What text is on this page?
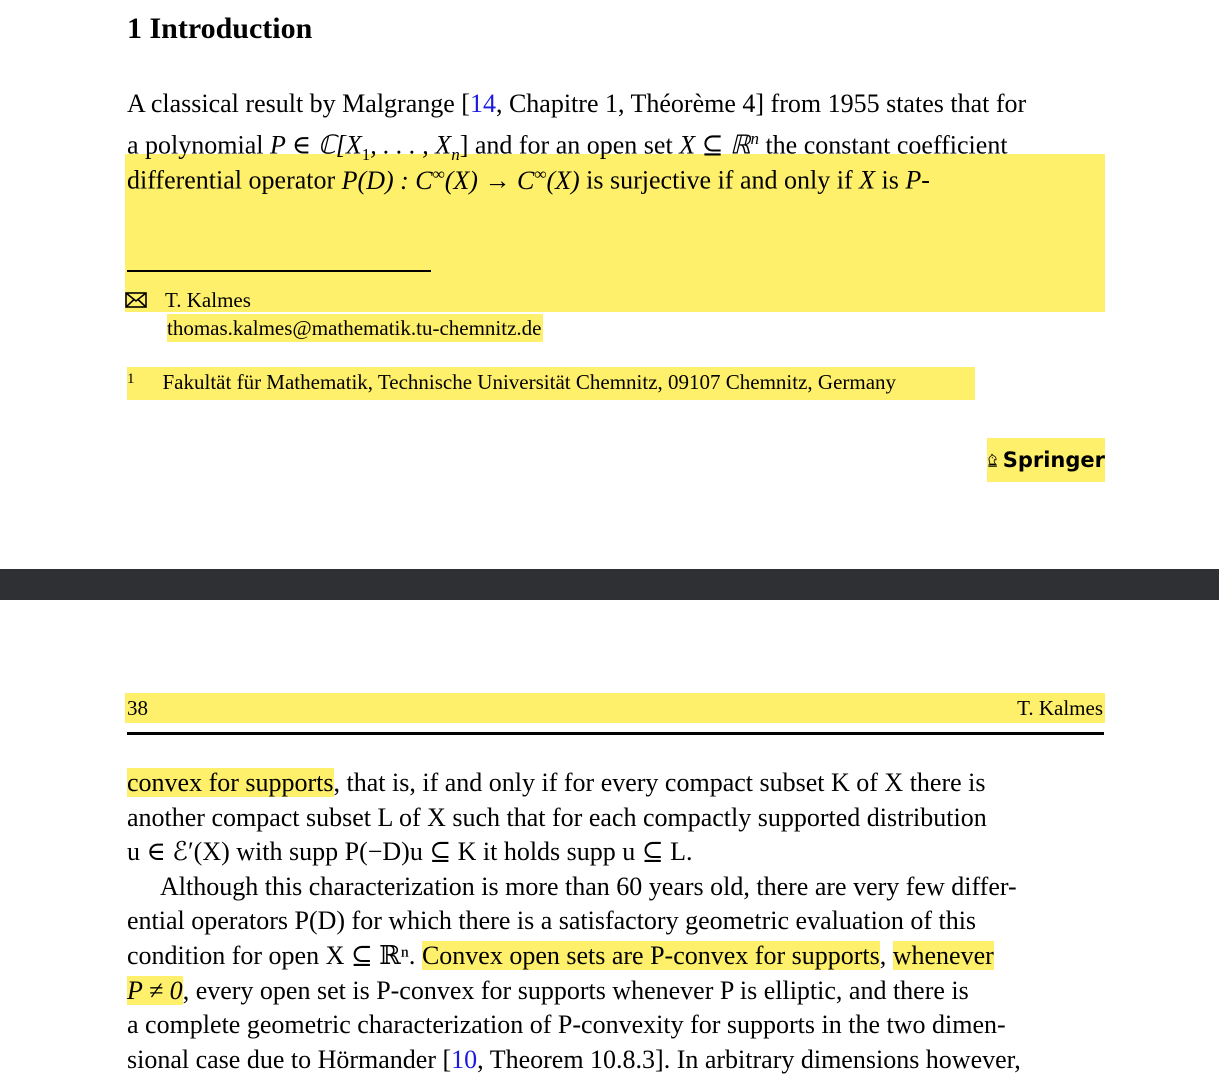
1 Introduction
A classical result by Malgrange [14, Chapitre 1, Théorème 4] from 1955 states that for
a polynomial P ∈ $ℂ[X_1$, . . . , $X_n$] and for an open set X ⊆ ℝ$^n$ the constant coefficient
differential operator P(D) : C∞(X) → C∞(X) is surjective if and only if X is P-
T. Kalmes
thomas.kalmes@mathematik.tu-chemnitz.de
$^1$ Fakultät für Mathematik, Technische Universität Chemnitz, 09107 Chemnitz, Germany
Springer
38	T. Kalmes
convex for supports, that is, if and only if for every compact subset K of X there is
another compact subset L of X such that for each compactly supported distribution
u ∈ ℰ′(X) with supp P(−D)u ⊆ K it holds supp u ⊆ L.
Although this characterization is more than 60 years old, there are very few differ-
ential operators P(D) for which there is a satisfactory geometric evaluation of this
condition for open X ⊆ ℝⁿ. Convex open sets are P-convex for supports, whenever
P ≠ 0, every open set is P-convex for supports whenever P is elliptic, and there is
a complete geometric characterization of P-convexity for supports in the two dimen-
sional case due to Hörmander [10, Theorem 10.8.3]. In arbitrary dimensions however,
